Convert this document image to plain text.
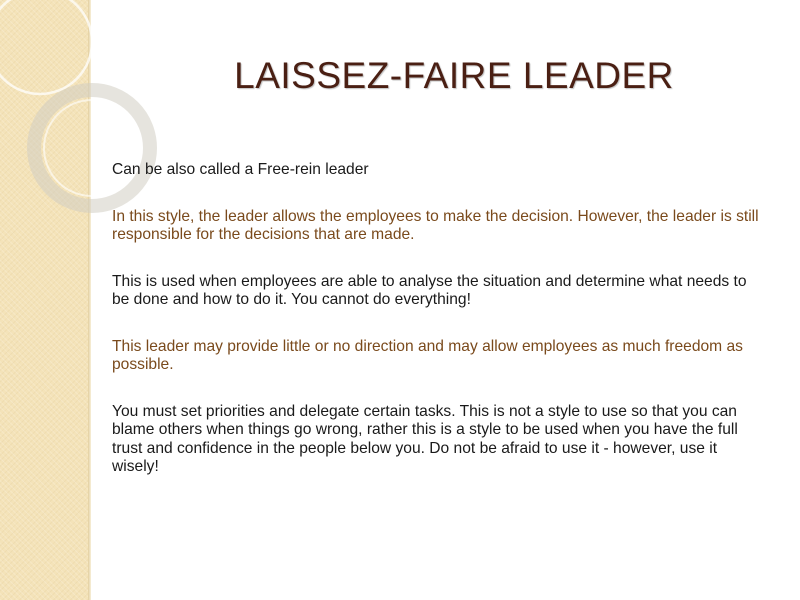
LAISSEZ-FAIRE LEADER

Can be also called a Free-rein leader

In this style, the leader allows the employees to make the decision. However, the leader is still responsible for the decisions that are made.

This is used when employees are able to analyse the situation and determine what needs to be done and how to do it. You cannot do everything!

This leader may provide little or no direction and may allow employees as much freedom as possible.

You must set priorities and delegate certain tasks. This is not a style to use so that you can blame others when things go wrong, rather this is a style to be used when you have the full trust and confidence in the people below you. Do not be afraid to use it - however, use it wisely!
